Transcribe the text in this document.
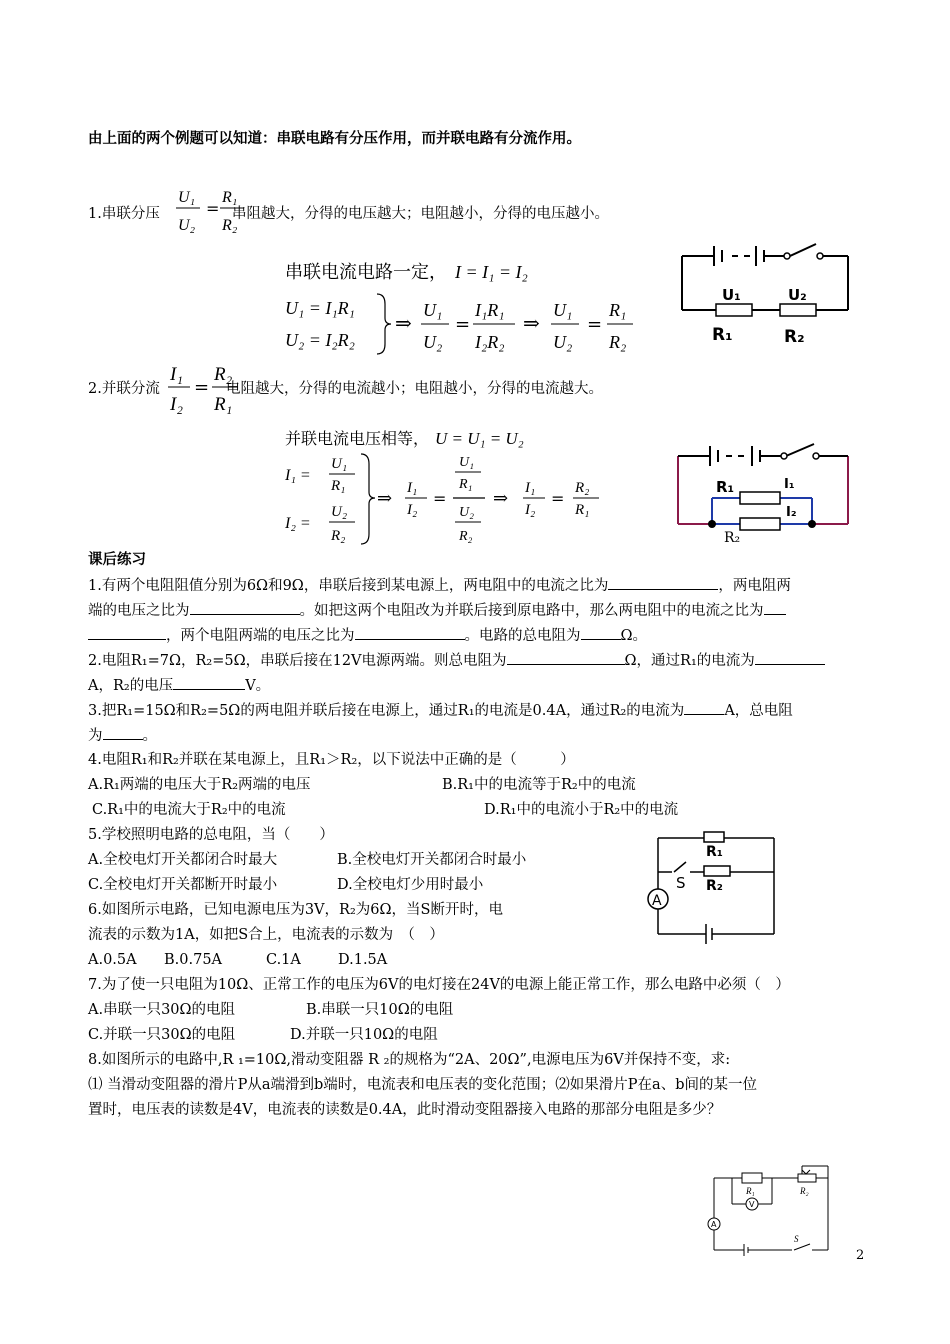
由上面的两个例题可以知道：串联电路有分压作用，而并联电路有分流作用。
1.串联分压
U₁
U₂
=
R₁
R₂
串阻越大，分得的电压越大；电阻越小，分得的电压越小。
串联电流电路一定， I = I₁ = I₂
U₁ = I₁R₁
U₂ = I₂R₂
⇒
U₁
U₂
=
I₁R₁
I₂R₂
⇒
U₁
U₂
=
R₁
R₂
U₁	U₂
R₁	R₂
2.并联分流
I₁
I₂
=
R₂
R₁
电阻越大，分得的电流越小；电阻越小，分得的电流越大。
并联电流电压相等， U = U₁ = U₂
I₁ =
U₁
R₁
I₂ =
U₂
R₂
⇒ I₁
I₂
=
U₁
R₁
U₂
R₂
⇒ I₁
I₂
=
R₂
R₁
R₁	I₁
I₂
R₂
课后练习
1.有两个电阻阻值分别为6Ω和9Ω，串联后接到某电源上，两电阻中的电流之比为	，两电阻两
端的电压之比为	。如把这两个电阻改为并联后接到原电路中，那么两电阻中的电流之比为
，两个电阻两端的电压之比为	。电路的总电阻为	Ω。
2.电阻R₁=7Ω，R₂=5Ω，串联后接在12V电源两端。则总电阻为	Ω，通过R₁的电流为
A，R₂的电压	V。
3.把R₁=15Ω和R₂=5Ω的两电阻并联后接在电源上，通过R₁的电流是0.4A，通过R₂的电流为	A，总电阻
为	。
4.电阻R₁和R₂并联在某电源上，且R₁＞R₂，以下说法中正确的是（　　　）
A.R₁两端的电压大于R₂两端的电压	B.R₁中的电流等于R₂中的电流
C.R₁中的电流大于R₂中的电流	D.R₁中的电流小于R₂中的电流
5.学校照明电路的总电阻，当（　　）
A.全校电灯开关都闭合时最大	B.全校电灯开关都闭合时最小
C.全校电灯开关都断开时最小	D.全校电灯少用时最小
6.如图所示电路，已知电源电压为3V，R₂为6Ω，当S断开时，电
流表的示数为1A，如把S合上，电流表的示数为　（　）
A.0.5A B.0.75A	C.1A	D.1.5A
A
R₁
R₂
S
7.为了使一只电阻为10Ω、正常工作的电压为6V的电灯接在24V的电源上能正常工作，那么电路中必须（　）
A.串联一只30Ω的电阻	B.串联一只10Ω的电阻
C.并联一只30Ω的电阻	D.并联一只10Ω的电阻
8.如图所示的电路中,R ₁=10Ω,滑动变阻器 R ₂的规格为“2A、20Ω”,电源电压为6V并保持不变，求:
⑴ 当滑动变阻器的滑片P从a端滑到b端时，电流表和电压表的变化范围；⑵如果滑片P在a、b间的某一位
置时，电压表的读数是4V，电流表的读数是0.4A，此时滑动变阻器接入电路的那部分电阻是多少？
V
A
R₁	R₂
S
2
